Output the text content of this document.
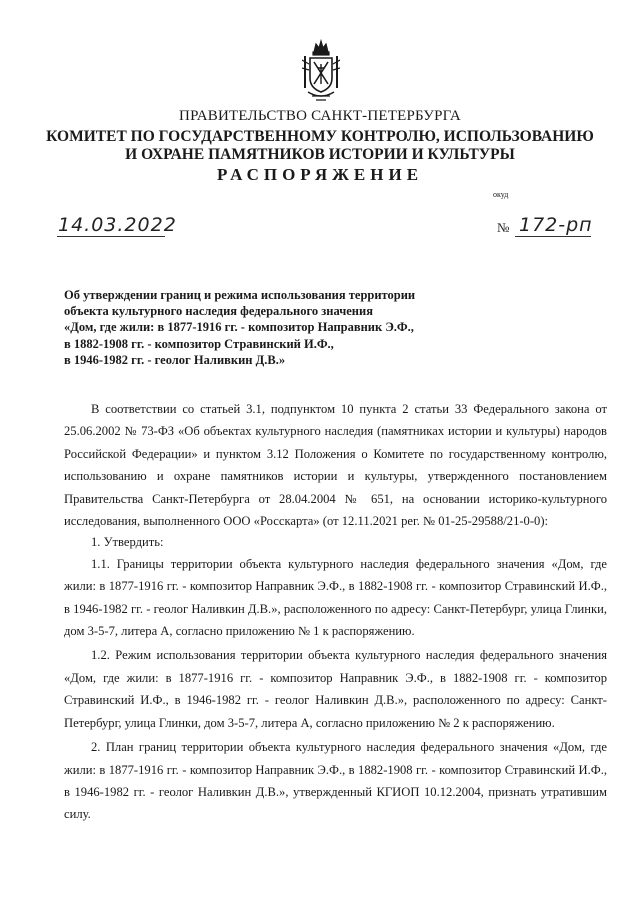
ПРАВИТЕЛЬСТВО САНКТ-ПЕТЕРБУРГА
КОМИТЕТ ПО ГОСУДАРСТВЕННОМУ КОНТРОЛЮ, ИСПОЛЬЗОВАНИЮ
И ОХРАНЕ ПАМЯТНИКОВ ИСТОРИИ И КУЛЬТУРЫ
РАСПОРЯЖЕНИЕ
окуд
14.03.2022	№ 172-рп
Об утверждении границ и режима использования территории
объекта культурного наследия федерального значения
«Дом, где жили: в 1877-1916 гг. - композитор Направник Э.Ф.,
в 1882-1908 гг. - композитор Стравинский И.Ф.,
в 1946-1982 гг. - геолог Наливкин Д.В.»

В соответствии со статьей 3.1, подпунктом 10 пункта 2 статьи 33 Федерального закона от 25.06.2002 № 73-ФЗ «Об объектах культурного наследия (памятниках истории и культуры) народов Российской Федерации» и пунктом 3.12 Положения о Комитете по государственному контролю, использованию и охране памятников истории и культуры, утвержденного постановлением Правительства Санкт-Петербурга от 28.04.2004 № 651, на основании историко-культурного исследования, выполненного ООО «Росскарта» (от 12.11.2021 рег. № 01-25-29588/21-0-0):

1. Утвердить:

1.1. Границы территории объекта культурного наследия федерального значения «Дом, где жили: в 1877-1916 гг. - композитор Направник Э.Ф., в 1882-1908 гг. - композитор Стравинский И.Ф., в 1946-1982 гг. - геолог Наливкин Д.В.», расположенного по адресу: Санкт-Петербург, улица Глинки, дом 3-5-7, литера А, согласно приложению № 1 к распоряжению.

1.2. Режим использования территории объекта культурного наследия федерального значения «Дом, где жили: в 1877-1916 гг. - композитор Направник Э.Ф., в 1882-1908 гг. - композитор Стравинский И.Ф., в 1946-1982 гг. - геолог Наливкин Д.В.», расположенного по адресу: Санкт-Петербург, улица Глинки, дом 3-5-7, литера А, согласно приложению № 2 к распоряжению.

2. План границ территории объекта культурного наследия федерального значения «Дом, где жили: в 1877-1916 гг. - композитор Направник Э.Ф., в 1882-1908 гг. - композитор Стравинский И.Ф., в 1946-1982 гг. - геолог Наливкин Д.В.», утвержденный КГИОП 10.12.2004, признать утратившим силу.
